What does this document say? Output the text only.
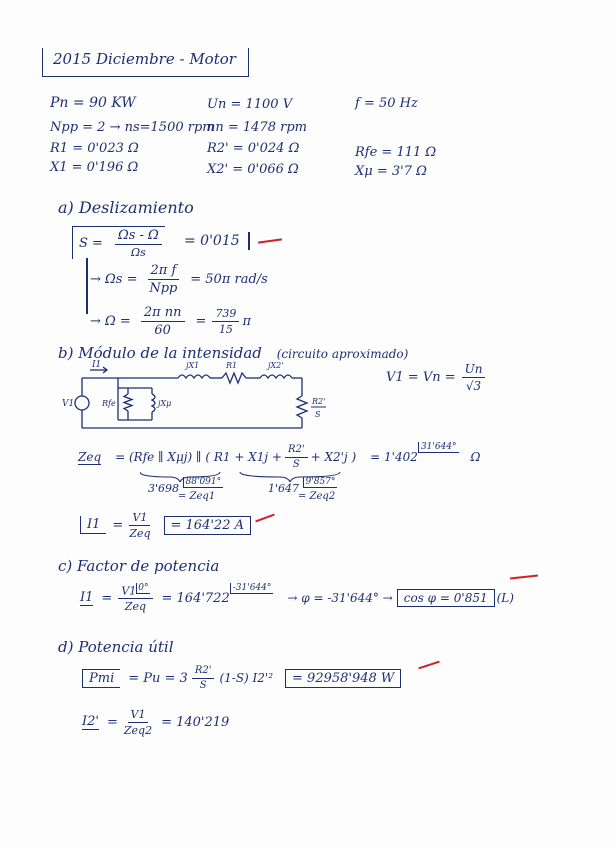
2015 Diciembre - Motor
Pn = 90 KW
Npp = 2 → ns=1500 rpm
R1 = 0'023 Ω
X1 = 0'196 Ω
Un = 1100 V
nn = 1478 rpm
R2' = 0'024 Ω
X2' = 0'066 Ω
f = 50 Hz
Rfe = 111 Ω
Xμ = 3'7 Ω
a) Deslizamiento
$S = \frac{\Omega s - \Omega}{\Omega s} = 0'015$
→ $\Omega s = \frac{\text{2π f}}{\text{Npp}} = 50\pi$ rad/s
→ $\Omega = \frac{\text{2π nn}}{60} = \frac{739}{15}$ π
b) Módulo de la intensidad (circuito aproximado)
$V1 = Vn = \frac{Un}{√3}$
I1	jX1	R1	jX2'
V1	Rfe	jXμ	R2'
S
Zeq = (Rfe ∥ Xμj) ∥ ( $R1 + X1j + \frac{R2'}{S} + X2'j$ ) = 1'402
31'644°
Ω
3'698 $^{88'091^\circ}$
= Zeq1
1'647 $^{9'857^\circ}$
= Zeq2
$I1 = \frac{V1}{\text{Zeq}}$	= 164'22 A
c) Factor de potencia
$I1 = \frac{V1 ^{0^\circ}}{\text{Zeq}} = 164'722$
-31'644°
→ φ = -31'644° → cos φ = 0'851 (L)
d) Potencia útil
Pmi	= $Pu = 3 \frac{R2'}{S} (1-S)$ I2'²	= 92958'948 W
$I2' = \frac{V1}{\text{Zeq2}} = 140'219$
